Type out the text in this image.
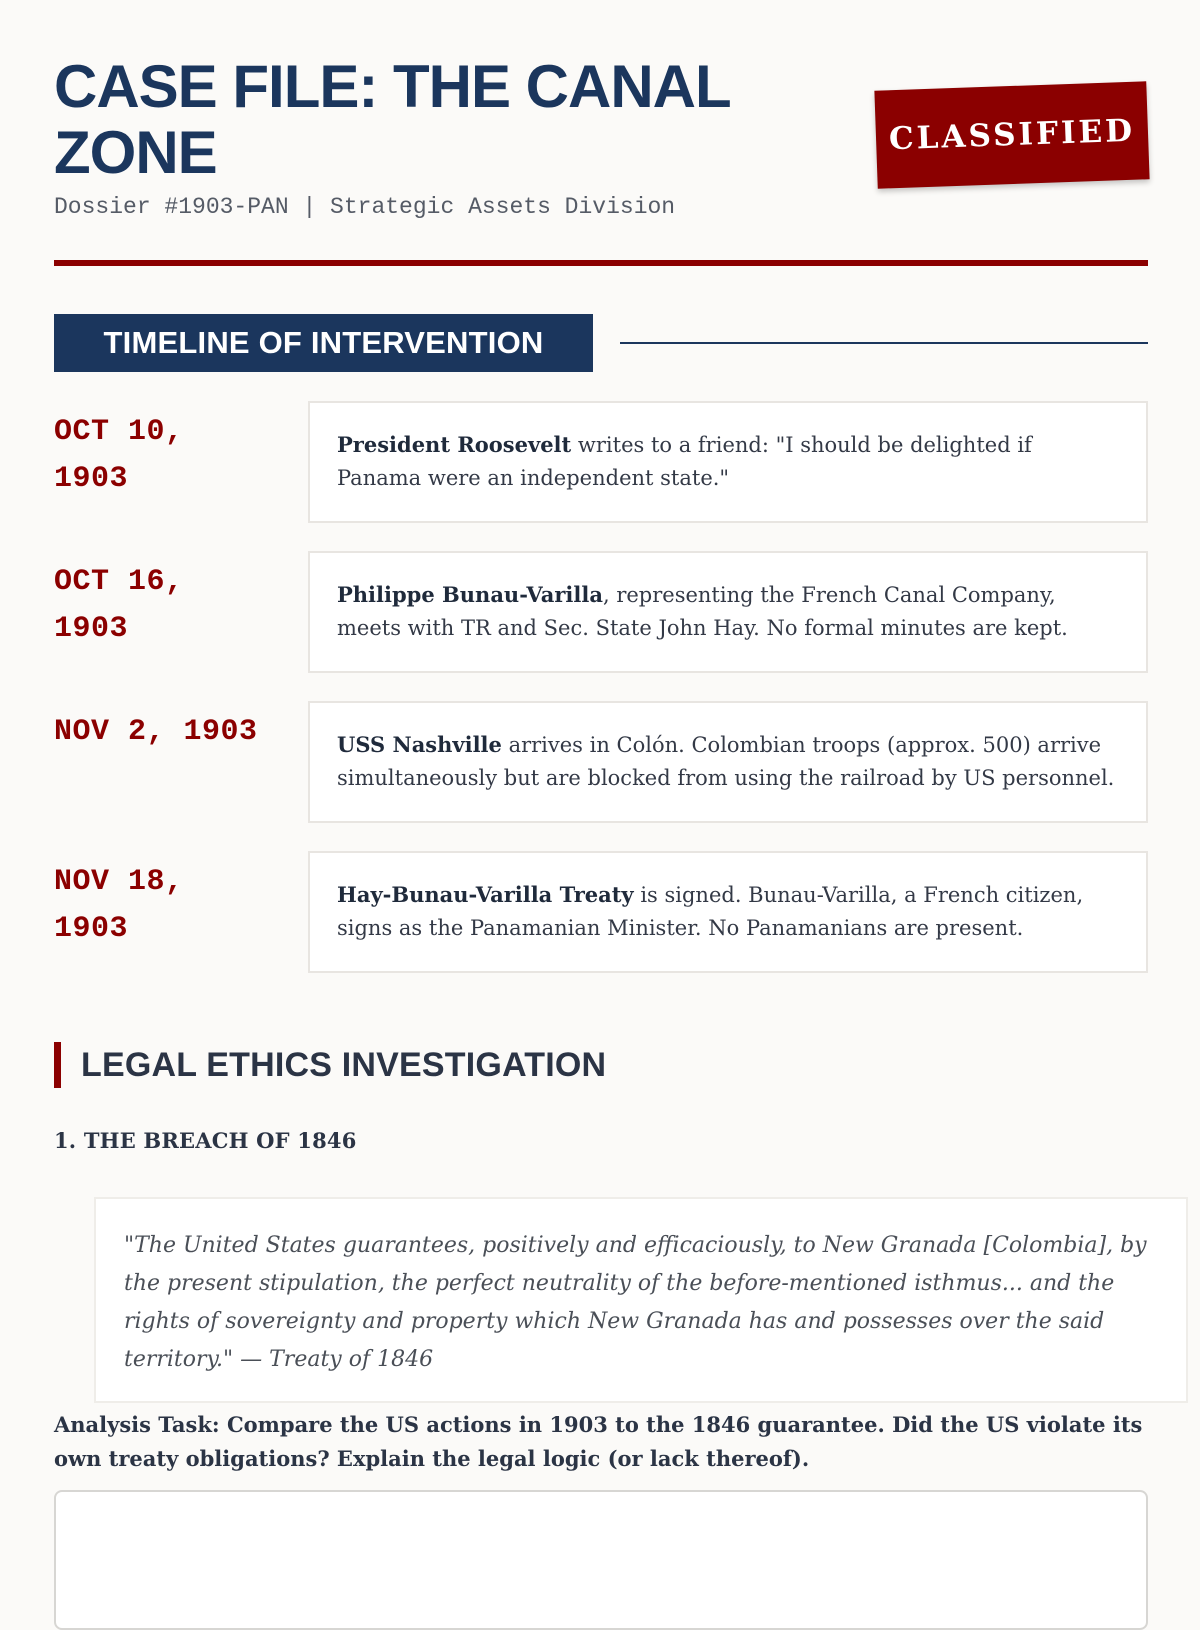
CASE FILE: THE CANAL ZONE
Dossier #1903-PAN | Strategic Assets Division
CLASSIFIED
TIMELINE OF INTERVENTION
OCT 10, 1903
President Roosevelt writes to a friend: "I should be delighted if Panama were an independent state."
OCT 16, 1903
Philippe Bunau-Varilla, representing the French Canal Company, meets with TR and Sec. State John Hay. No formal minutes are kept.
NOV 2, 1903	USS Nashville arrives in Colón. Colombian troops (approx. 500) arrive simultaneously but are blocked from using the railroad by US personnel.
NOV 18, 1903
Hay-Bunau-Varilla Treaty is signed. Bunau-Varilla, a French citizen, signs as the Panamanian Minister. No Panamanians are present.
LEGAL ETHICS INVESTIGATION
1. THE BREACH OF 1846
"The United States guarantees, positively and efficaciously, to New Granada [Colombia], by the present stipulation, the perfect neutrality of the before-mentioned isthmus... and the rights of sovereignty and property which New Granada has and possesses over the said territory." — Treaty of 1846
Analysis Task: Compare the US actions in 1903 to the 1846 guarantee. Did the US violate its own treaty obligations? Explain the legal logic (or lack thereof).
